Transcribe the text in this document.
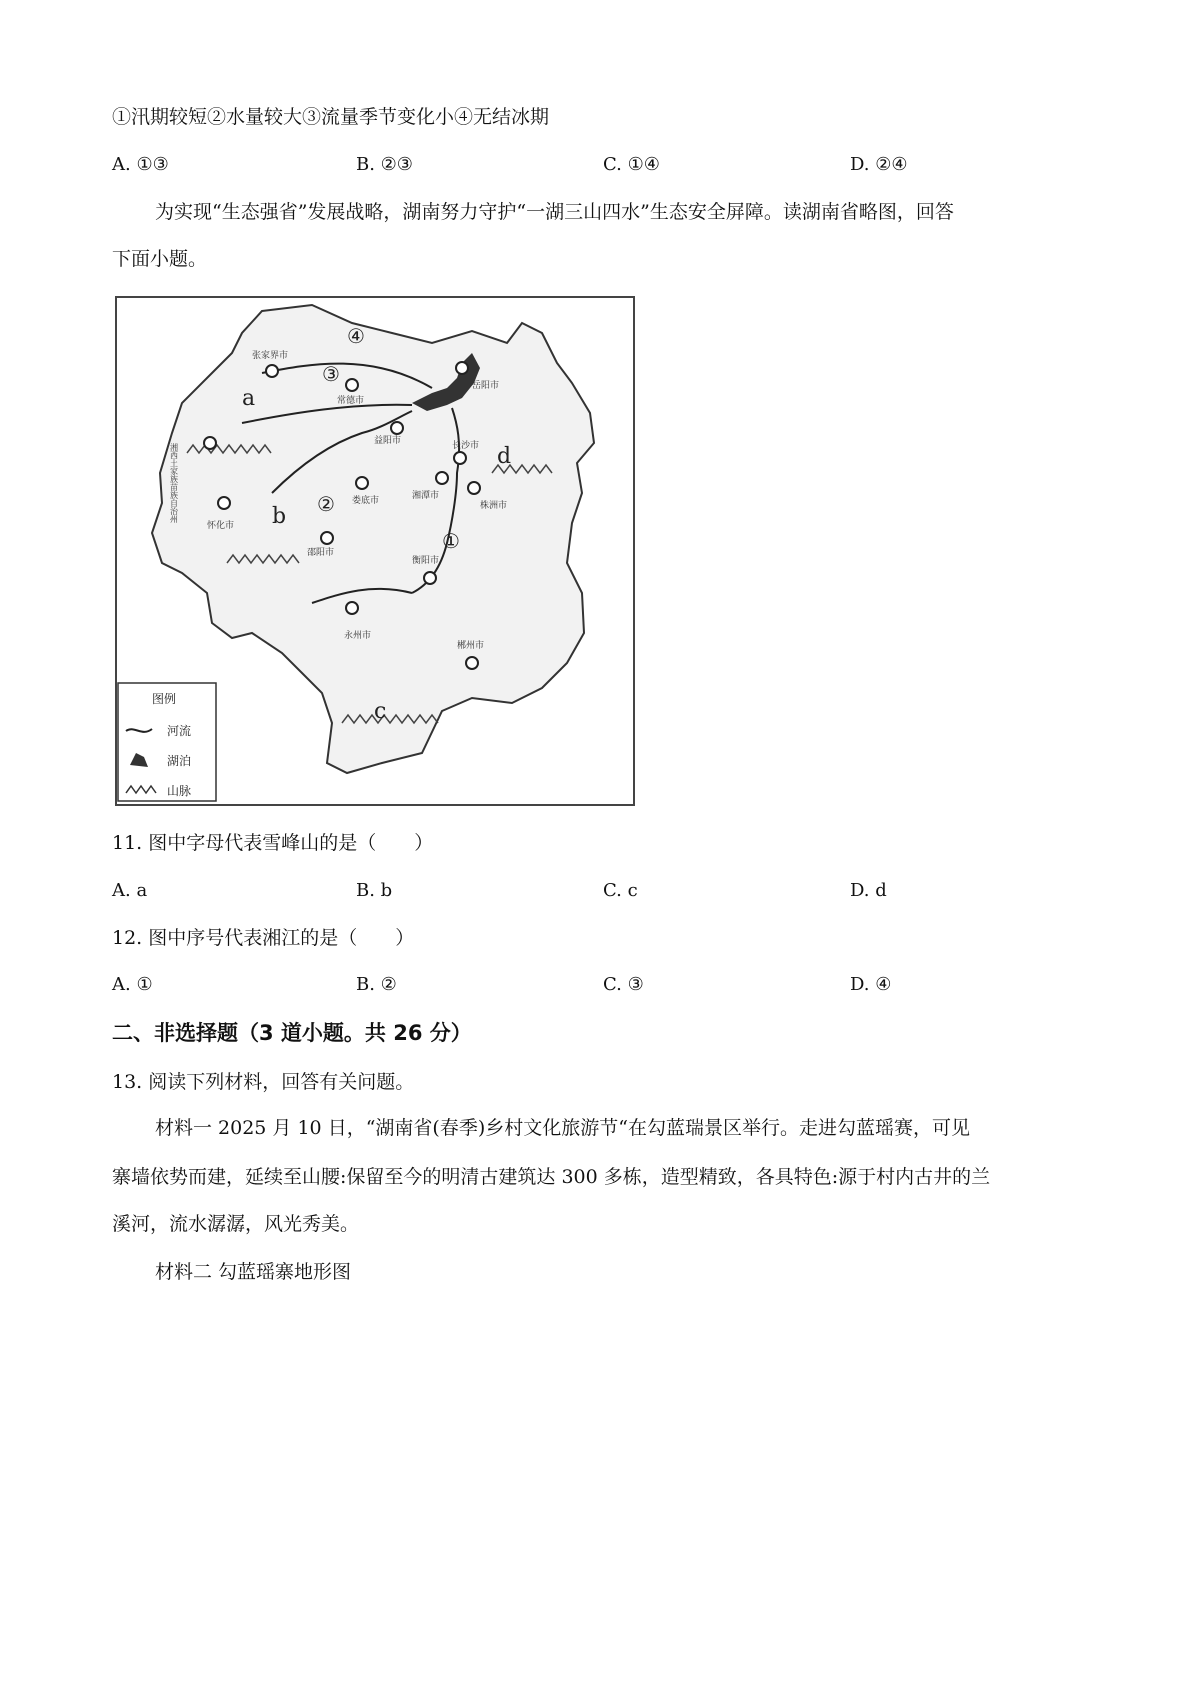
①汛期较短②水量较大③流量季节变化小④无结冰期
A. ①③	B. ②③	C. ①④	D. ②④
为实现“生态强省”发展战略，湖南努力守护“一湖三山四水”生态安全屏障。读湖南省略图，回答
下面小题。
a
b
c
d
①
②
③
④
张家界市
湘西土家族苗族自治州
怀化市
邵阳市
益阳市
常德市
岳阳市
长沙市
湘潭市
株洲市
娄底市
衡阳市
永州市
郴州市
图例
河流
湖泊
山脉
11. 图中字母代表雪峰山的是（　　）
A. a	B. b	C. c	D. d
12. 图中序号代表湘江的是（　　）
A. ①	B. ②	C. ③	D. ④
二、非选择题（3 道小题。共 26 分）
13. 阅读下列材料，回答有关问题。
材料一 2025 月 10 日，“湖南省(春季)乡村文化旅游节“在勾蓝瑞景区举行。走进勾蓝瑶赛，可见
寨墙依势而建，延续至山腰:保留至今的明清古建筑达 300 多栋，造型精致，各具特色:源于村内古井的兰
溪河，流水潺潺，风光秀美。
材料二 勾蓝瑶寨地形图
